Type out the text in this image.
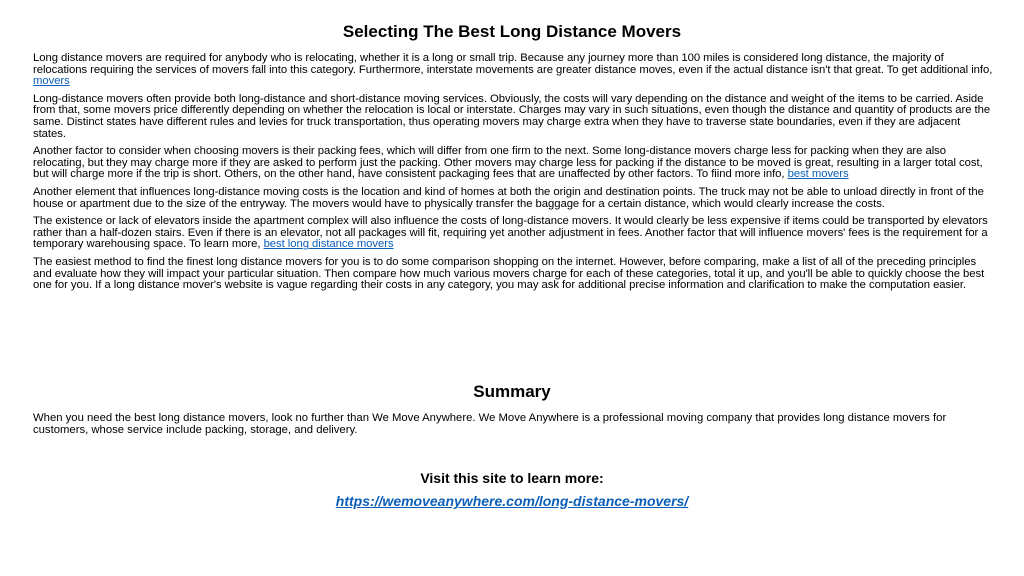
Selecting The Best Long Distance Movers

Long distance movers are required for anybody who is relocating, whether it is a long or small trip. Because any journey more than 100 miles is considered long distance, the majority of relocations requiring the services of movers fall into this category. Furthermore, interstate movements are greater distance moves, even if the actual distance isn't that great. To get additional info, movers

Long-distance movers often provide both long-distance and short-distance moving services. Obviously, the costs will vary depending on the distance and weight of the items to be carried. Aside from that, some movers price differently depending on whether the relocation is local or interstate. Charges may vary in such situations, even though the distance and quantity of products are the same. Distinct states have different rules and levies for truck transportation, thus operating movers may charge extra when they have to traverse state boundaries, even if they are adjacent states.

Another factor to consider when choosing movers is their packing fees, which will differ from one firm to the next. Some long-distance movers charge less for packing when they are also relocating, but they may charge more if they are asked to perform just the packing. Other movers may charge less for packing if the distance to be moved is great, resulting in a larger total cost, but will charge more if the trip is short. Others, on the other hand, have consistent packaging fees that are unaffected by other factors. To fiind more info, best movers

Another element that influences long-distance moving costs is the location and kind of homes at both the origin and destination points. The truck may not be able to unload directly in front of the house or apartment due to the size of the entryway. The movers would have to physically transfer the baggage for a certain distance, which would clearly increase the costs.

The existence or lack of elevators inside the apartment complex will also influence the costs of long-distance movers. It would clearly be less expensive if items could be transported by elevators rather than a half-dozen stairs. Even if there is an elevator, not all packages will fit, requiring yet another adjustment in fees. Another factor that will influence movers' fees is the requirement for a temporary warehousing space. To learn more, best long distance movers

The easiest method to find the finest long distance movers for you is to do some comparison shopping on the internet. However, before comparing, make a list of all of the preceding principles and evaluate how they will impact your particular situation. Then compare how much various movers charge for each of these categories, total it up, and you'll be able to quickly choose the best one for you. If a long distance mover's website is vague regarding their costs in any category, you may ask for additional precise information and clarification to make the computation easier.

Summary

When you need the best long distance movers, look no further than We Move Anywhere. We Move Anywhere is a professional moving company that provides long distance movers for customers, whose service include packing, storage, and delivery.

Visit this site to learn more:

https://wemoveanywhere.com/long-distance-movers/
